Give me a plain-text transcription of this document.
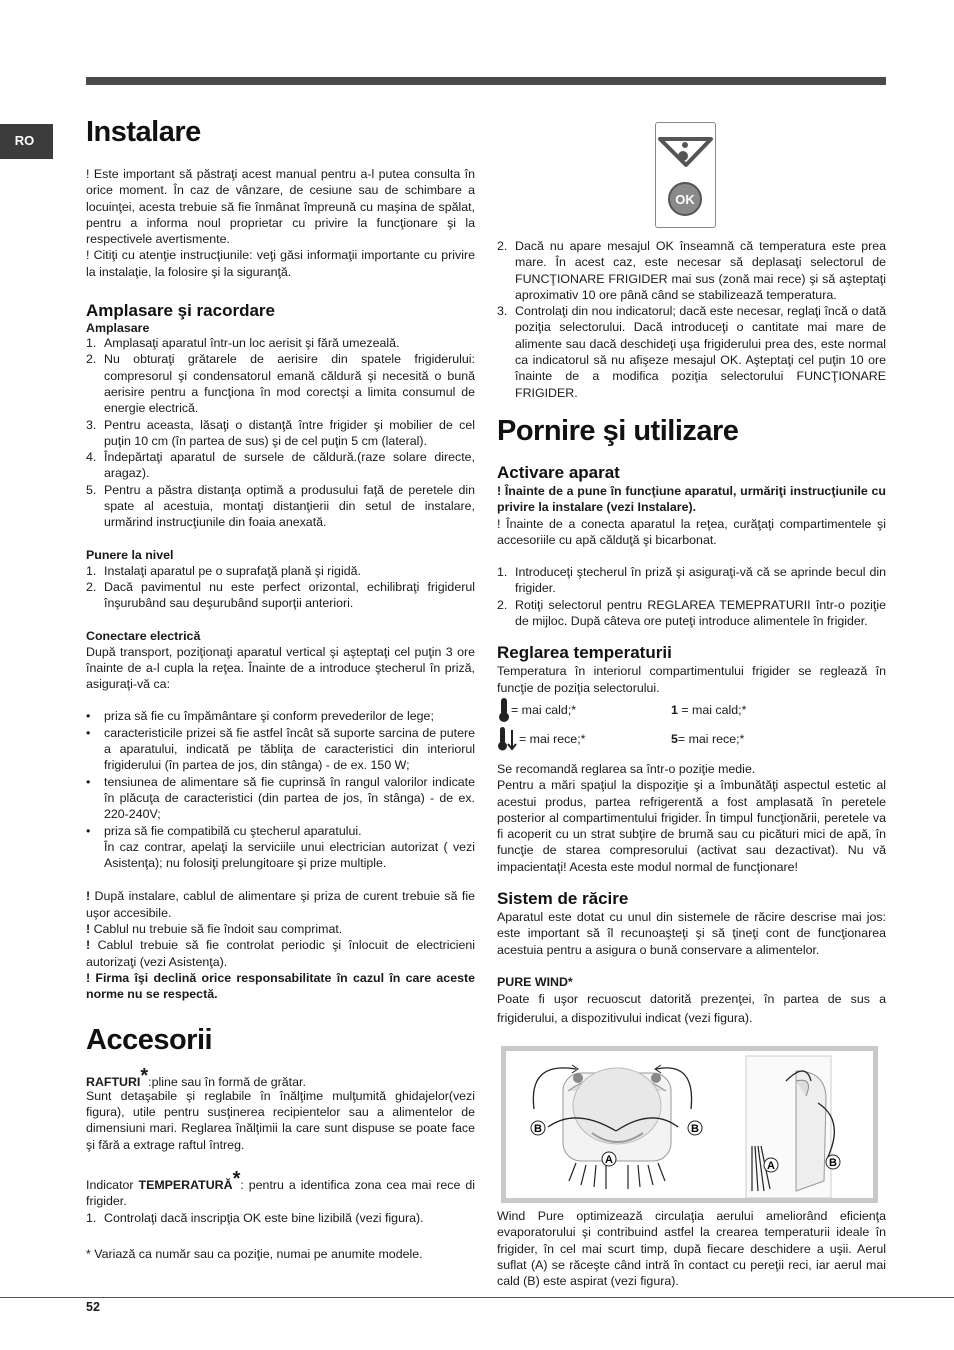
RO	Instalare

! Este important să păstraţi acest manual pentru a-l putea consulta în orice moment. În caz de vânzare, de cesiune sau de schimbare a locuinţei, acesta trebuie să fie înmânat împreună cu maşina de spălat, pentru a informa noul proprietar cu privire la funcţionare şi la respectivele avertismente.

! Citiţi cu atenţie instrucţiunile: veţi găsi informaţii importante cu privire la instalaţie, la folosire şi la siguranţă.

Amplasare şi racordare
Amplasare
1. Amplasaţi aparatul într-un loc aerisit şi fără umezeală.
2. Nu obturaţi grătarele de aerisire din spatele frigiderului: compresorul şi condensatorul emană căldură şi necesită o bună aerisire pentru a funcţiona în mod corectşi a limita consumul de energie electrică.
3. Pentru aceasta, lăsaţi o distanţă între frigider şi mobilier de cel puţin 10 cm (în partea de sus) şi de cel puţin 5 cm (lateral).
4. Îndepărtaţi aparatul de sursele de căldură.(raze solare directe, aragaz).
5. Pentru a păstra distanţa optimă a produsului faţă de peretele din spate al acestuia, montaţi distanţierii din setul de instalare, urmărind instrucţiunile din foaia anexată.
Punere la nivel
1. Instalaţi aparatul pe o suprafaţă plană şi rigidă.
2. Dacă pavimentul nu este perfect orizontal, echilibraţi frigiderul înşurubând sau deşurubând suporţii anteriori.
Conectare electrică

După transport, poziţionaţi aparatul vertical şi aşteptaţi cel puţin 3 ore înainte de a-l cupla la reţea. Înainte de a introduce ştecherul în priză, asiguraţi-vă ca:

•	priza să fie cu împământare şi conform prevederilor de lege;
•	caracteristicile prizei să fie astfel încât să suporte sarcina de putere a aparatului, indicată pe tăbliţa de caracteristici din interiorul frigiderului (în partea de jos, din stânga) - de ex. 150 W;
•	tensiunea de alimentare să fie cuprinsă în rangul valorilor indicate în plăcuţa de caracteristici (din partea de jos, în stânga) - de ex. 220-240V;
•	priza să fie compatibilă cu ştecherul aparatului.
În caz contrar, apelaţi la serviciile unui electrician autorizat ( vezi Asistenţa); nu folosiţi prelungitoare şi prize multiple.

! După instalare, cablul de alimentare şi priza de curent trebuie să fie uşor accesibile.

! Cablul nu trebuie să fie îndoit sau comprimat.

! Cablul trebuie să fie controlat periodic şi înlocuit de electricieni autorizaţi (vezi Asistenţa).

! Firma îşi declină orice responsabilitate în cazul în care aceste norme nu se respectă.

Accesorii

RAFTURI*:pline sau în formă de grătar.

Sunt detaşabile şi reglabile în înălţime mulţumită ghidajelor(vezi figura), utile pentru susţinerea recipientelor sau a alimentelor de dimensiuni mari. Reglarea înălţimii la care sunt dispuse se poate face şi fără a extrage raftul întreg.

Indicator TEMPERATURĂ*: pentru a identifica zona cea mai rece di frigider.

1. Controlaţi dacă inscripţia OK este bine lizibilă (vezi figura).

* Variază ca număr sau ca poziţie, numai pe anumite modele.

OK
2. Dacă nu apare mesajul OK înseamnă că temperatura este prea mare. În acest caz, este necesar să deplasaţi selectorul de FUNCŢIONARE FRIGIDER mai sus (zonă mai rece) şi să aşteptaţi aproximativ 10 ore până când se stabilizează temperatura.
3. Controlaţi din nou indicatorul; dacă este necesar, reglaţi încă o dată poziţia selectorului. Dacă introduceţi o cantitate mai mare de alimente sau dacă deschideţi uşa frigiderului prea des, este normal ca indicatorul să nu afişeze mesajul OK. Aşteptaţi cel puţin 10 ore înainte de a modifica poziţia selectorului FUNCŢIONARE FRIGIDER.
Pornire şi utilizare
Activare aparat

! Înainte de a pune în funcţiune aparatul, urmăriţi instrucţiunile cu privire la instalare (vezi Instalare).

! Înainte de a conecta aparatul la reţea, curăţaţi compartimentele şi accesoriile cu apă călduţă şi bicarbonat.

1. Introduceţi ştecherul în priză şi asiguraţi-vă că se aprinde becul din frigider.
2. Rotiţi selectorul pentru REGLAREA TEMEPRATURII într-o poziţie de mijloc. După câteva ore puteţi introduce alimentele în frigider.
Reglarea temperaturii

Temperatura în interiorul compartimentului frigider se reglează în funcţie de poziţia selectorului.

= mai cald;*	1 = mai cald;*
= mai rece;*	5= mai rece;*

Se recomandă reglarea sa într-o poziţie medie.

Pentru a mări spaţiul la dispoziţie şi a îmbunătăţi aspectul estetic al acestui produs, partea refrigerentă a fost amplasată în peretele posterior al compartimentului frigider. În timpul funcţionării, peretele va fi acoperit cu un strat subţire de brumă sau cu picături mici de apă, în funcţie de starea compresorului (activat sau dezactivat). Nu vă impacientaţi! Acesta este modul normal de funcţionare!

Sistem de răcire

Aparatul este dotat cu unul din sistemele de răcire descrise mai jos: este important să îl recunoaşteţi şi să ţineţi cont de funcţionarea acestuia pentru a asigura o bună conservare a alimentelor.

PURE WIND*

Poate fi uşor recuoscut datorită prezenţei, în partea de sus a frigiderului, a dispozitivului indicat (vezi figura).

B	B
A	A	B

Wind Pure optimizează circulaţia aerului ameliorând eficienţa evaporatorului şi contribuind astfel la crearea temperaturii ideale în frigider, în cel mai scurt timp, după fiecare deschidere a uşii. Aerul suflat (A) se răceşte când intră în contact cu pereţii reci, iar aerul mai cald (B) este aspirat (vezi figura).

52
